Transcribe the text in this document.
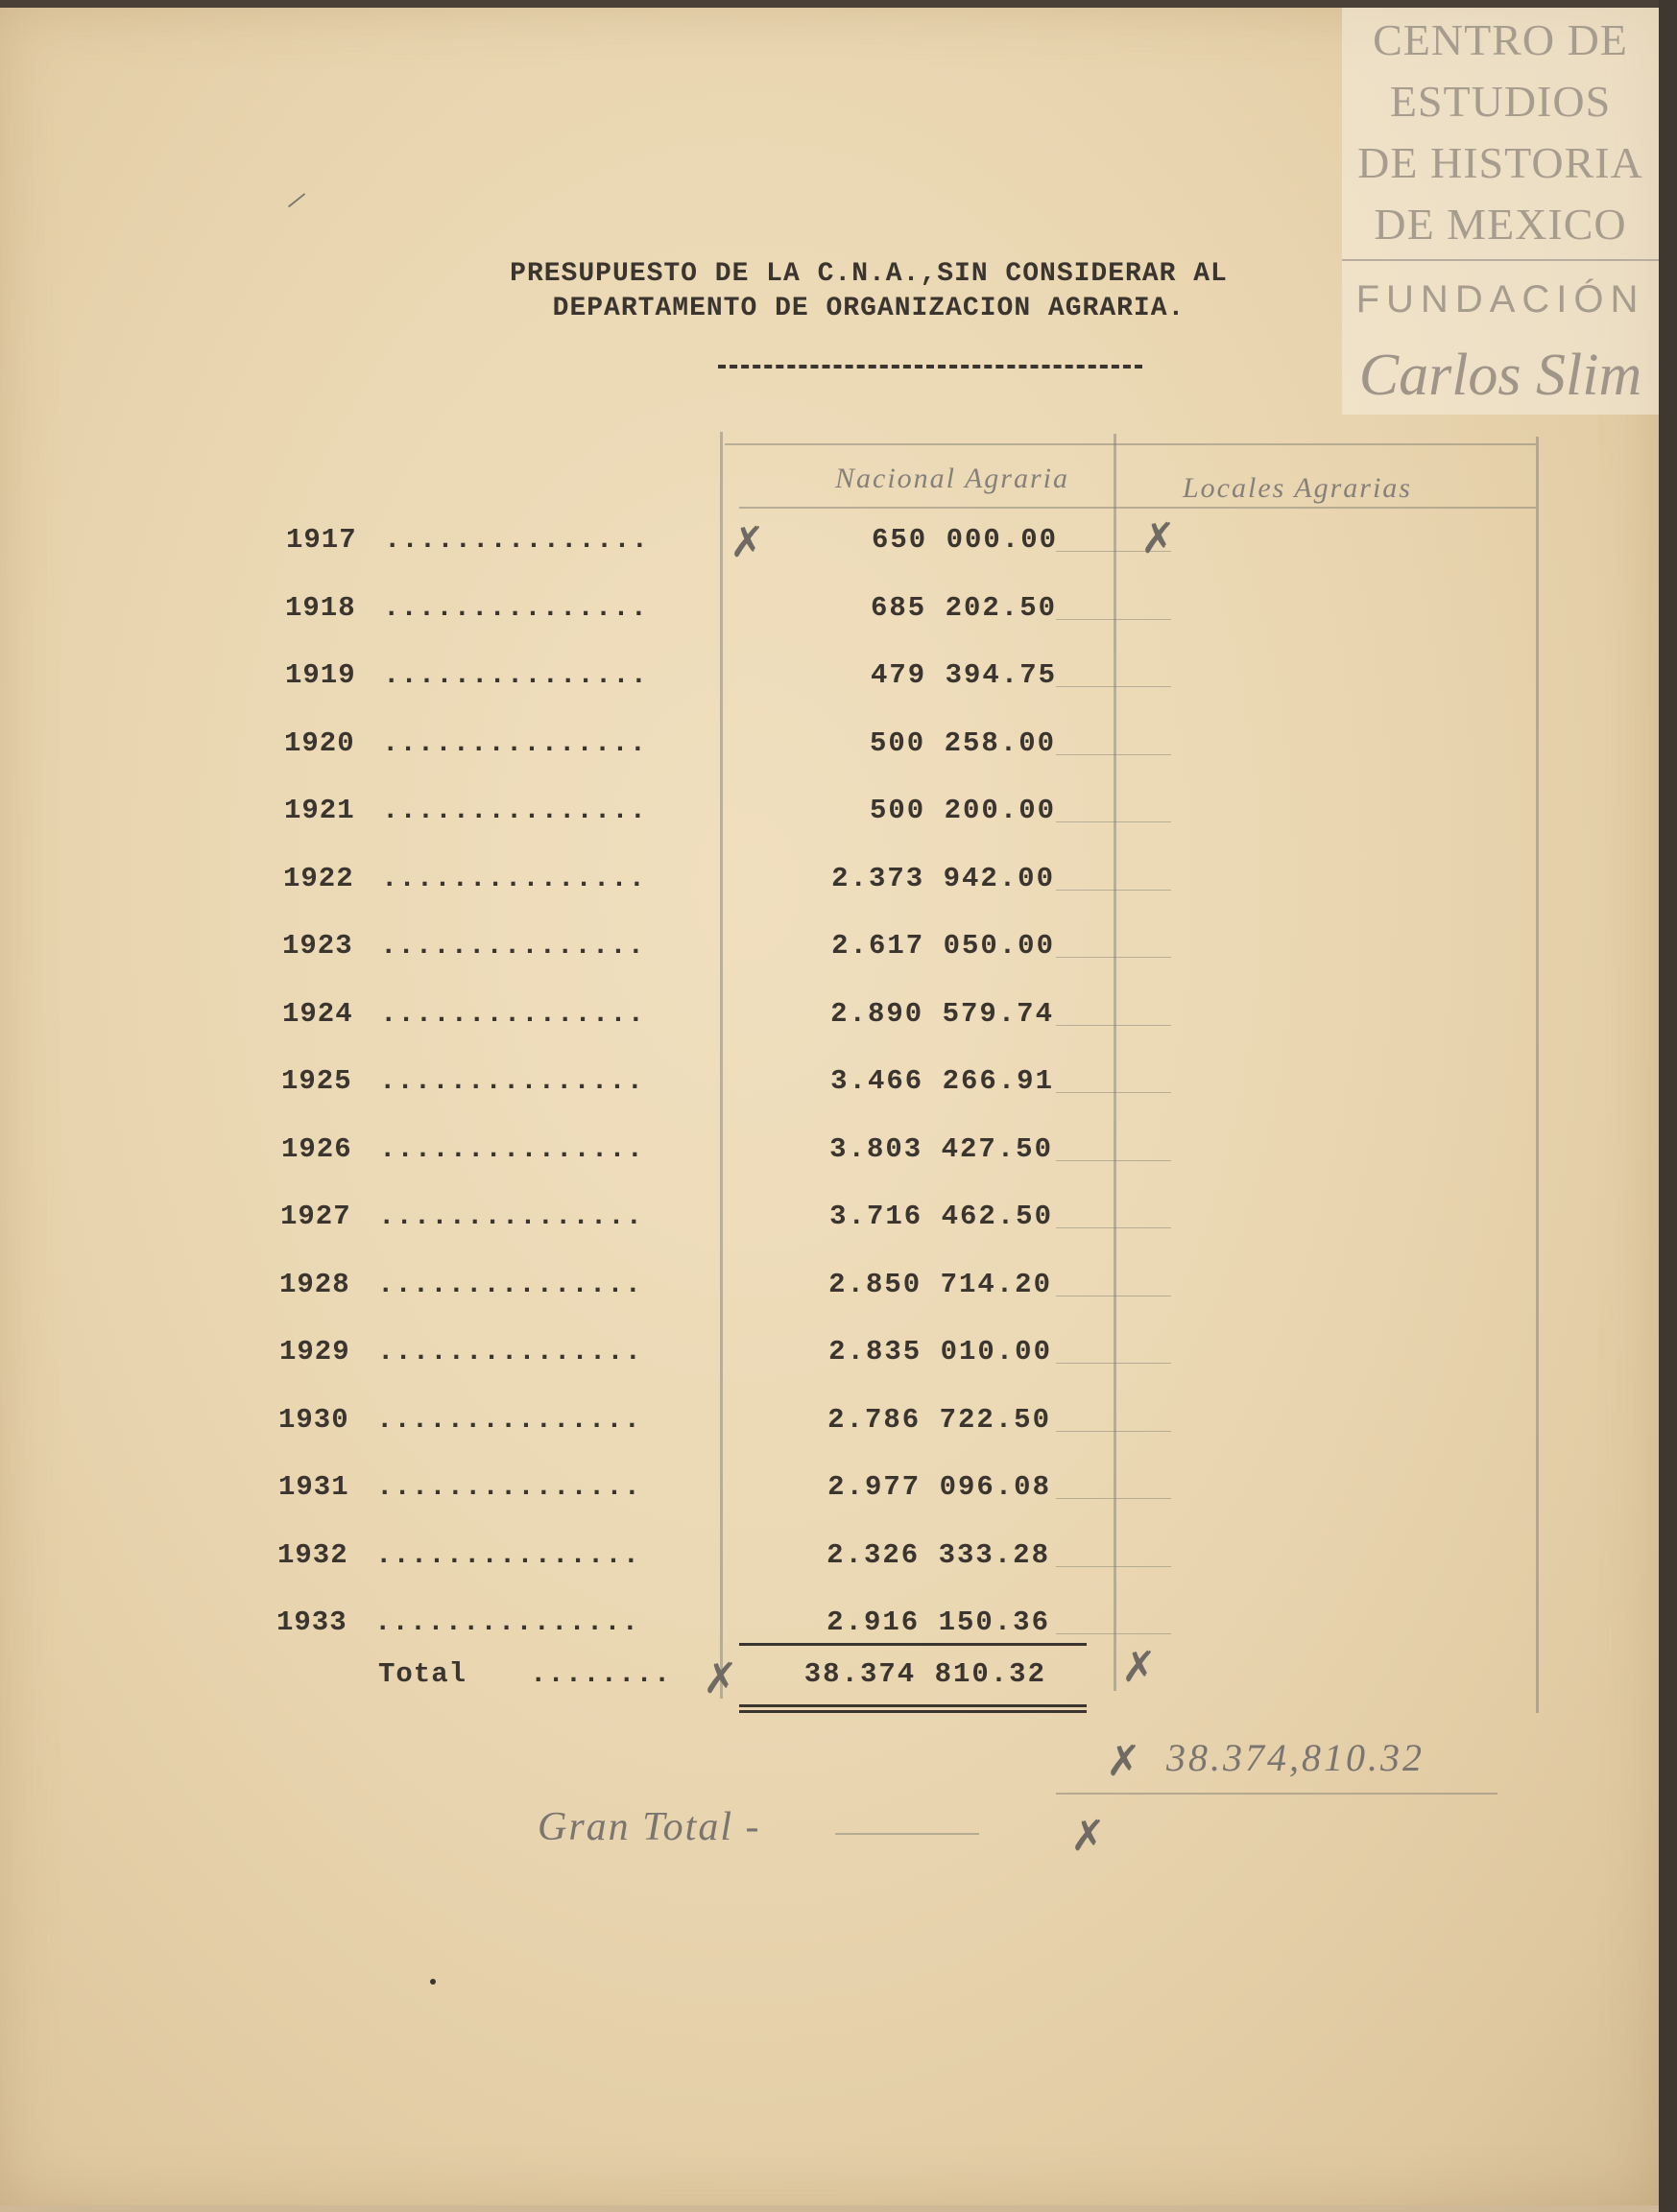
CENTRO DE
ESTUDIOS
DE HISTORIA
DE MEXICO
FUNDACIÓN
Carlos Slim
PRESUPUESTO DE LA C.N.A.,SIN CONSIDERAR AL
DEPARTAMENTO DE ORGANIZACION AGRARIA.
Nacional Agraria	Locales Agrarias
1917 ...............	650 000.00
1918 ...............	685 202.50
1919 ...............	479 394.75
1920 ...............	500 258.00
1921 ...............	500 200.00
1922 ...............	2.373 942.00
1923 ...............	2.617 050.00
1924 ...............	2.890 579.74
1925 ...............	3.466 266.91
1926 ...............	3.803 427.50
1927 ...............	3.716 462.50
1928 ...............	2.850 714.20
1929 ...............	2.835 010.00
1930 ...............	2.786 722.50
1931 ...............	2.977 096.08
1932 ...............	2.326 333.28
1933 ...............	2.916 150.36
Total ........	38.374 810.32
✗	✗
✗	✗
✗
✗
38.374,810.32
Gran Total -
⸝
